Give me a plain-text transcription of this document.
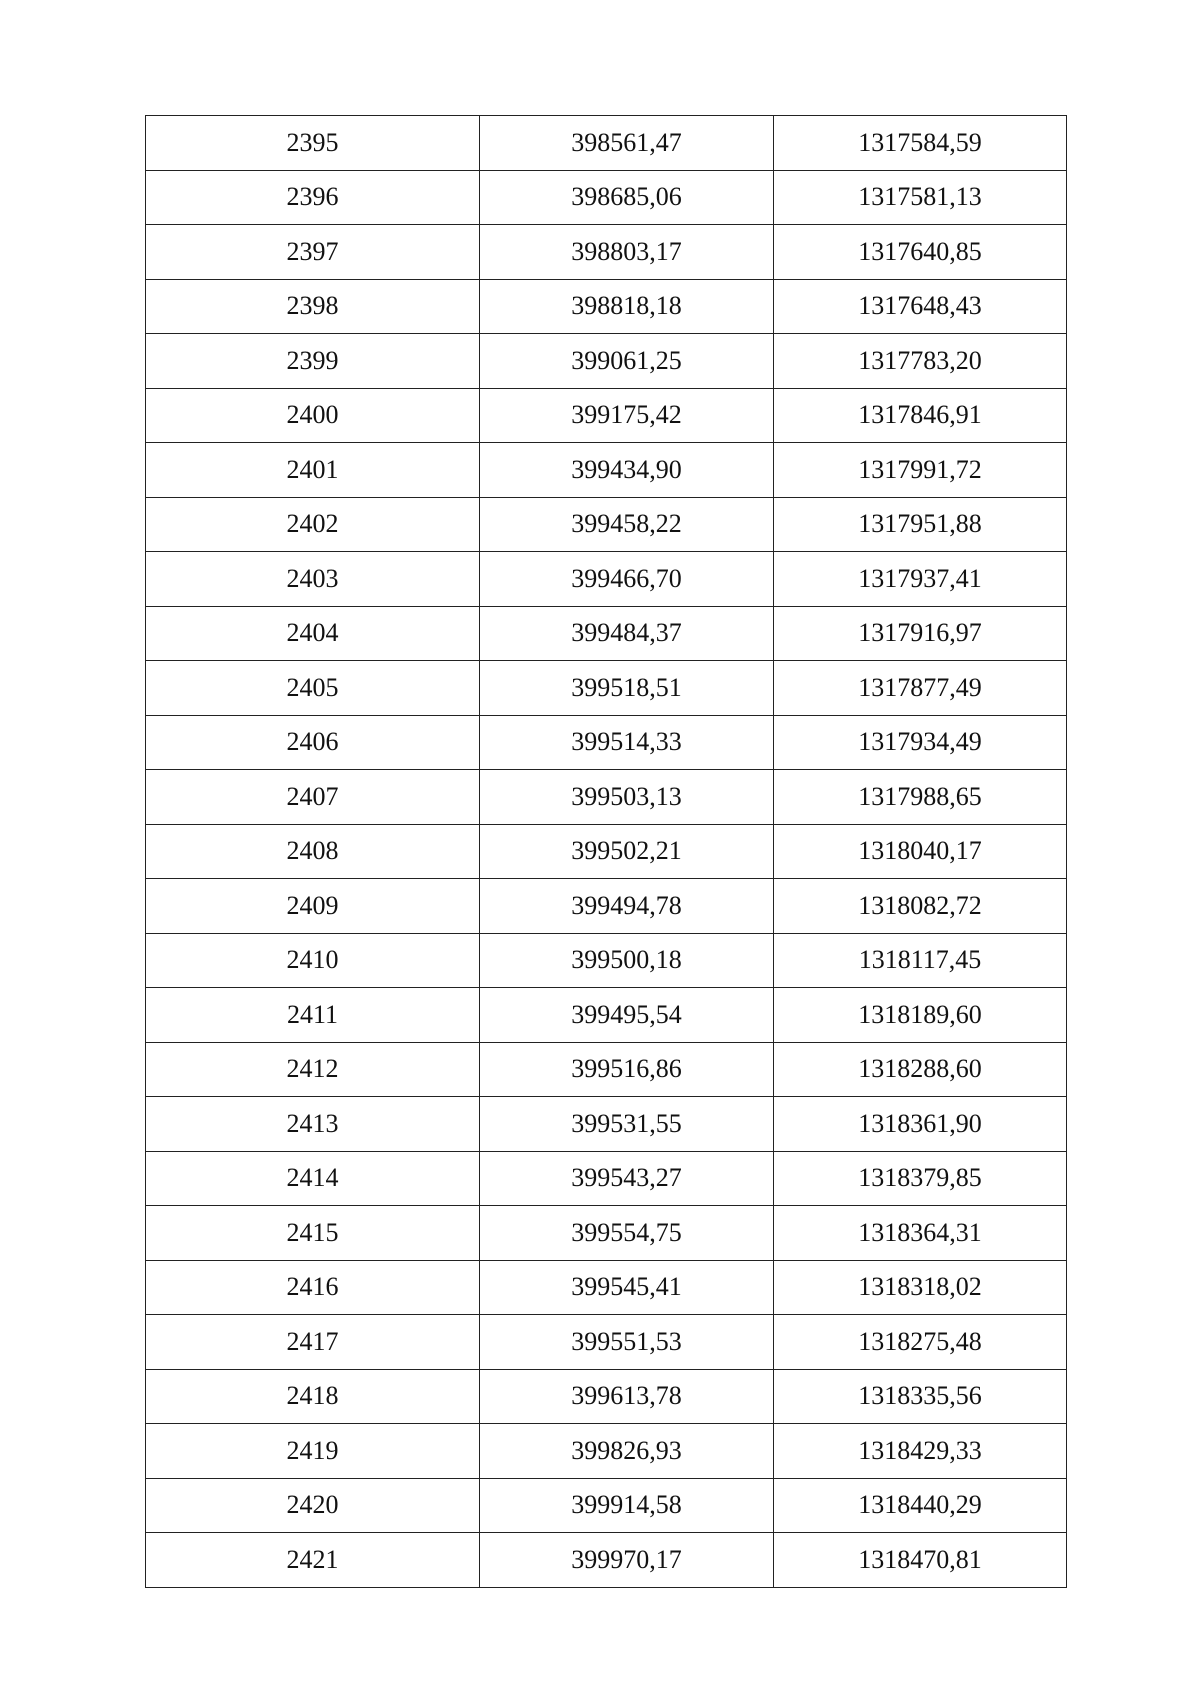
2395	398561,47	1317584,59
2396	398685,06	1317581,13
2397	398803,17	1317640,85
2398	398818,18	1317648,43
2399	399061,25	1317783,20
2400	399175,42	1317846,91
2401	399434,90	1317991,72
2402	399458,22	1317951,88
2403	399466,70	1317937,41
2404	399484,37	1317916,97
2405	399518,51	1317877,49
2406	399514,33	1317934,49
2407	399503,13	1317988,65
2408	399502,21	1318040,17
2409	399494,78	1318082,72
2410	399500,18	1318117,45
2411	399495,54	1318189,60
2412	399516,86	1318288,60
2413	399531,55	1318361,90
2414	399543,27	1318379,85
2415	399554,75	1318364,31
2416	399545,41	1318318,02
2417	399551,53	1318275,48
2418	399613,78	1318335,56
2419	399826,93	1318429,33
2420	399914,58	1318440,29
2421	399970,17	1318470,81
